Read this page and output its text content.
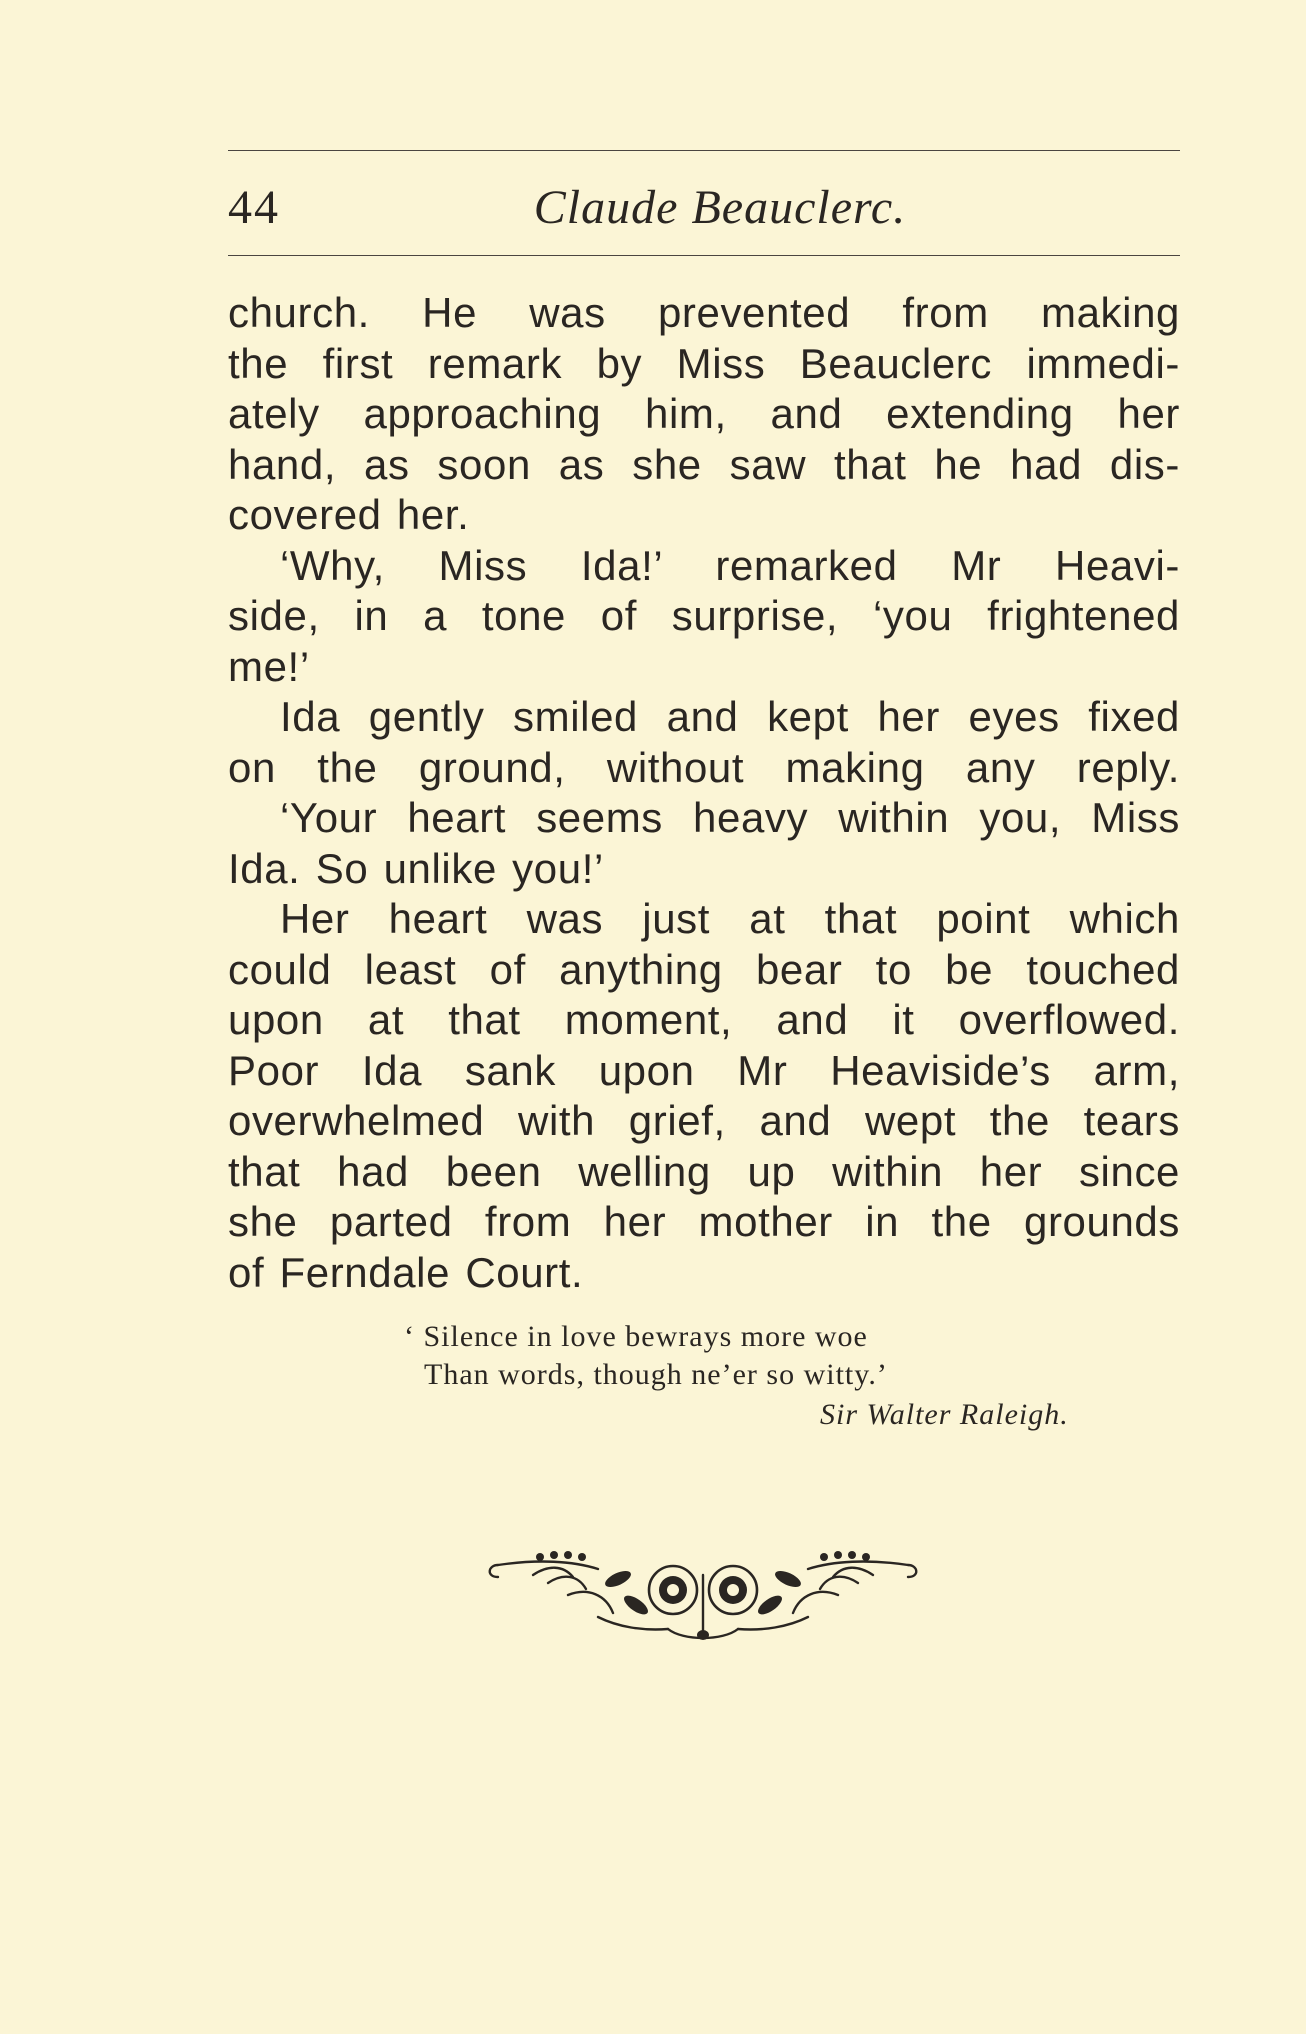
44	Claude Beauclerc.
church. He was prevented from making
the first remark by Miss Beauclerc immedi-
ately approaching him, and extending her
hand, as soon as she saw that he had dis-
covered her.
‘Why, Miss Ida!’ remarked Mr Heavi-
side, in a tone of surprise, ‘you frightened
me!’
Ida gently smiled and kept her eyes fixed
on the ground, without making any reply.
‘Your heart seems heavy within you, Miss
Ida. So unlike you!’
Her heart was just at that point which
could least of anything bear to be touched
upon at that moment, and it overflowed.
Poor Ida sank upon Mr Heaviside’s arm,
overwhelmed with grief, and wept the tears
that had been welling up within her since
she parted from her mother in the grounds
of Ferndale Court.
‘ Silence in love bewrays more woe
Than words, though ne’er so witty.’
Sir Walter Raleigh.
